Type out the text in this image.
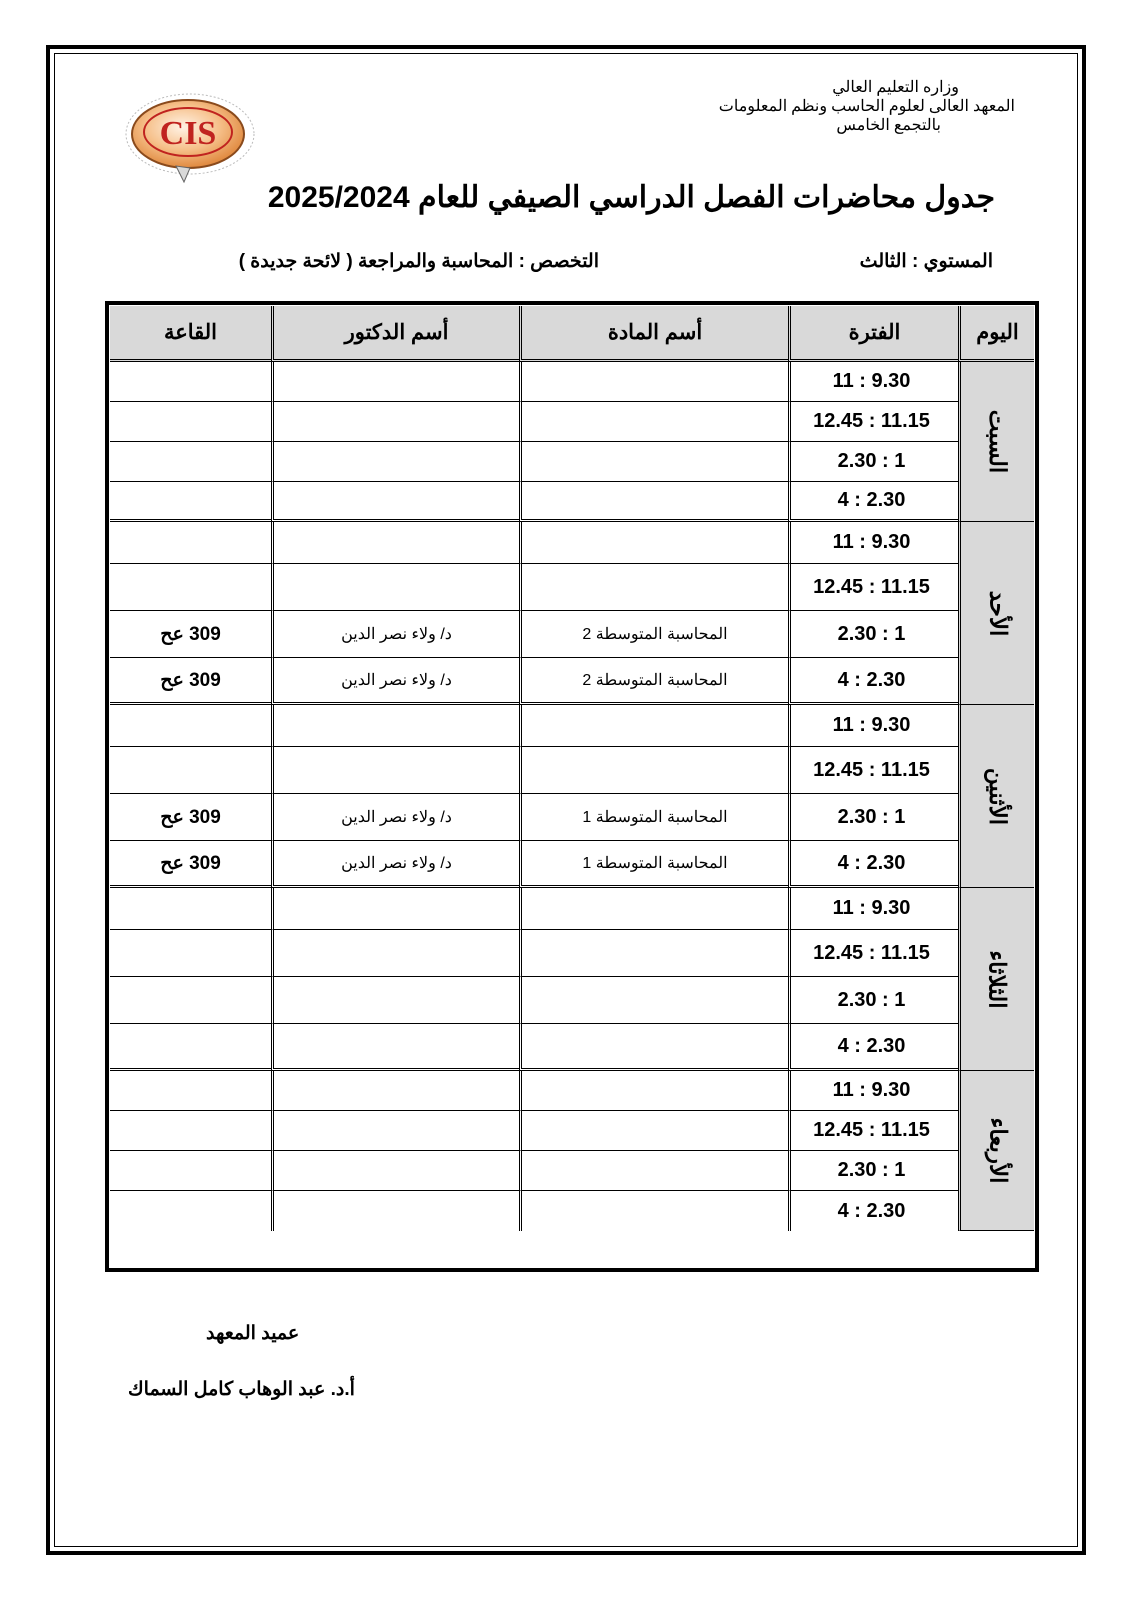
CIS
وزاره التعليم العالي
المعهد العالى لعلوم الحاسب ونظم المعلومات
بالتجمع الخامس
جدول محاضرات الفصل الدراسي الصيفي للعام 2025/2024
المستوي : الثالث
التخصص : المحاسبة والمراجعة ( لائحة جديدة )
اليوم	الفترة	أسم المادة	أسم الدكتور	القاعة
السبت	11 : 9.30			
	12.45 : 11.15			
	2.30 : 1			
	4 : 2.30			
الأحد	11 : 9.30			
	12.45 : 11.15			
	2.30 : 1	المحاسبة المتوسطة 2	د/ ولاء نصر الدين	309 عح
	4 : 2.30	المحاسبة المتوسطة 2	د/ ولاء نصر الدين	309 عح
الأثنين	11 : 9.30			
	12.45 : 11.15			
	2.30 : 1	المحاسبة المتوسطة 1	د/ ولاء نصر الدين	309 عح
	4 : 2.30	المحاسبة المتوسطة 1	د/ ولاء نصر الدين	309 عح
الثلاثاء	11 : 9.30			
	12.45 : 11.15			
	2.30 : 1			
	4 : 2.30			
الأربعاء	11 : 9.30			
	12.45 : 11.15			
	2.30 : 1			
	4 : 2.30			
عميد المعهد
أ.د. عبد الوهاب كامل السماك
